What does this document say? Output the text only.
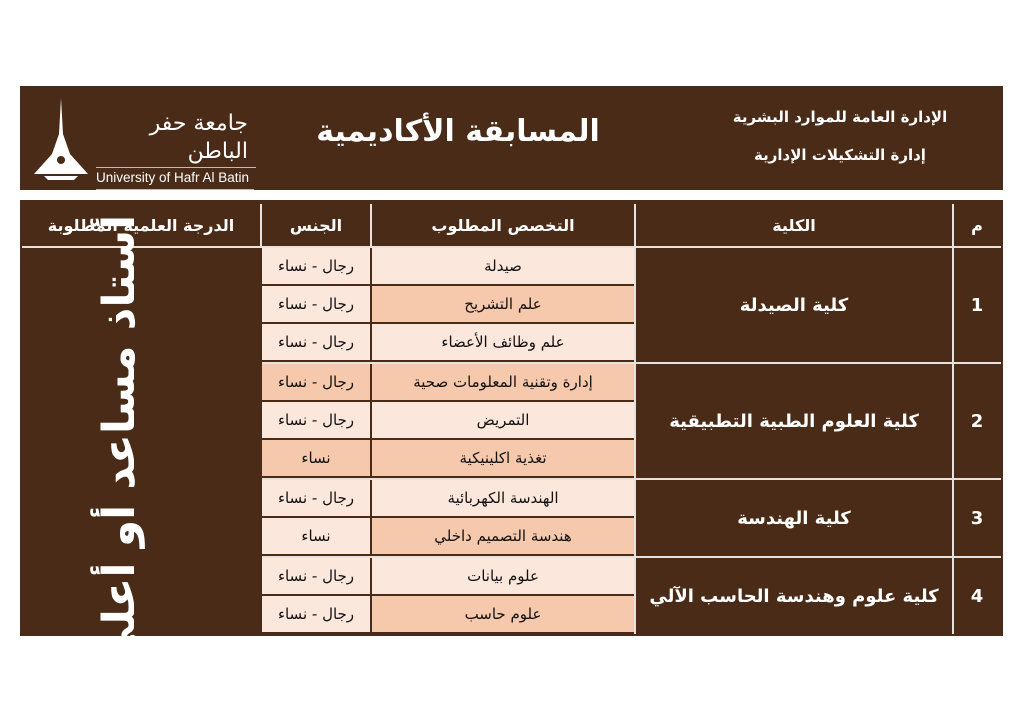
جامعة حفر الباطن
University of Hafr Al Batin
المسابقة الأكاديمية	الإدارة العامة للموارد البشرية
إدارة التشكيلات الإدارية
م
الكلية
التخصص المطلوب
الجنس
الدرجة العلمية المطلوبة
1
كلية الصيدلة
صيدلة
رجال - نساء
علم التشريح
رجال - نساء
علم وظائف الأعضاء
رجال - نساء
2
كلية العلوم الطبية التطبيقية
إدارة وتقنية المعلومات صحية
رجال - نساء
التمريض
رجال - نساء
تغذية اكلينيكية
نساء
3
كلية الهندسة
الهندسة الكهربائية
رجال - نساء
هندسة التصميم داخلي
نساء
4
كلية علوم وهندسة الحاسب الآلي
علوم بيانات
رجال - نساء
علوم حاسب
رجال - نساء
أستاذ مساعد أو أعلى
